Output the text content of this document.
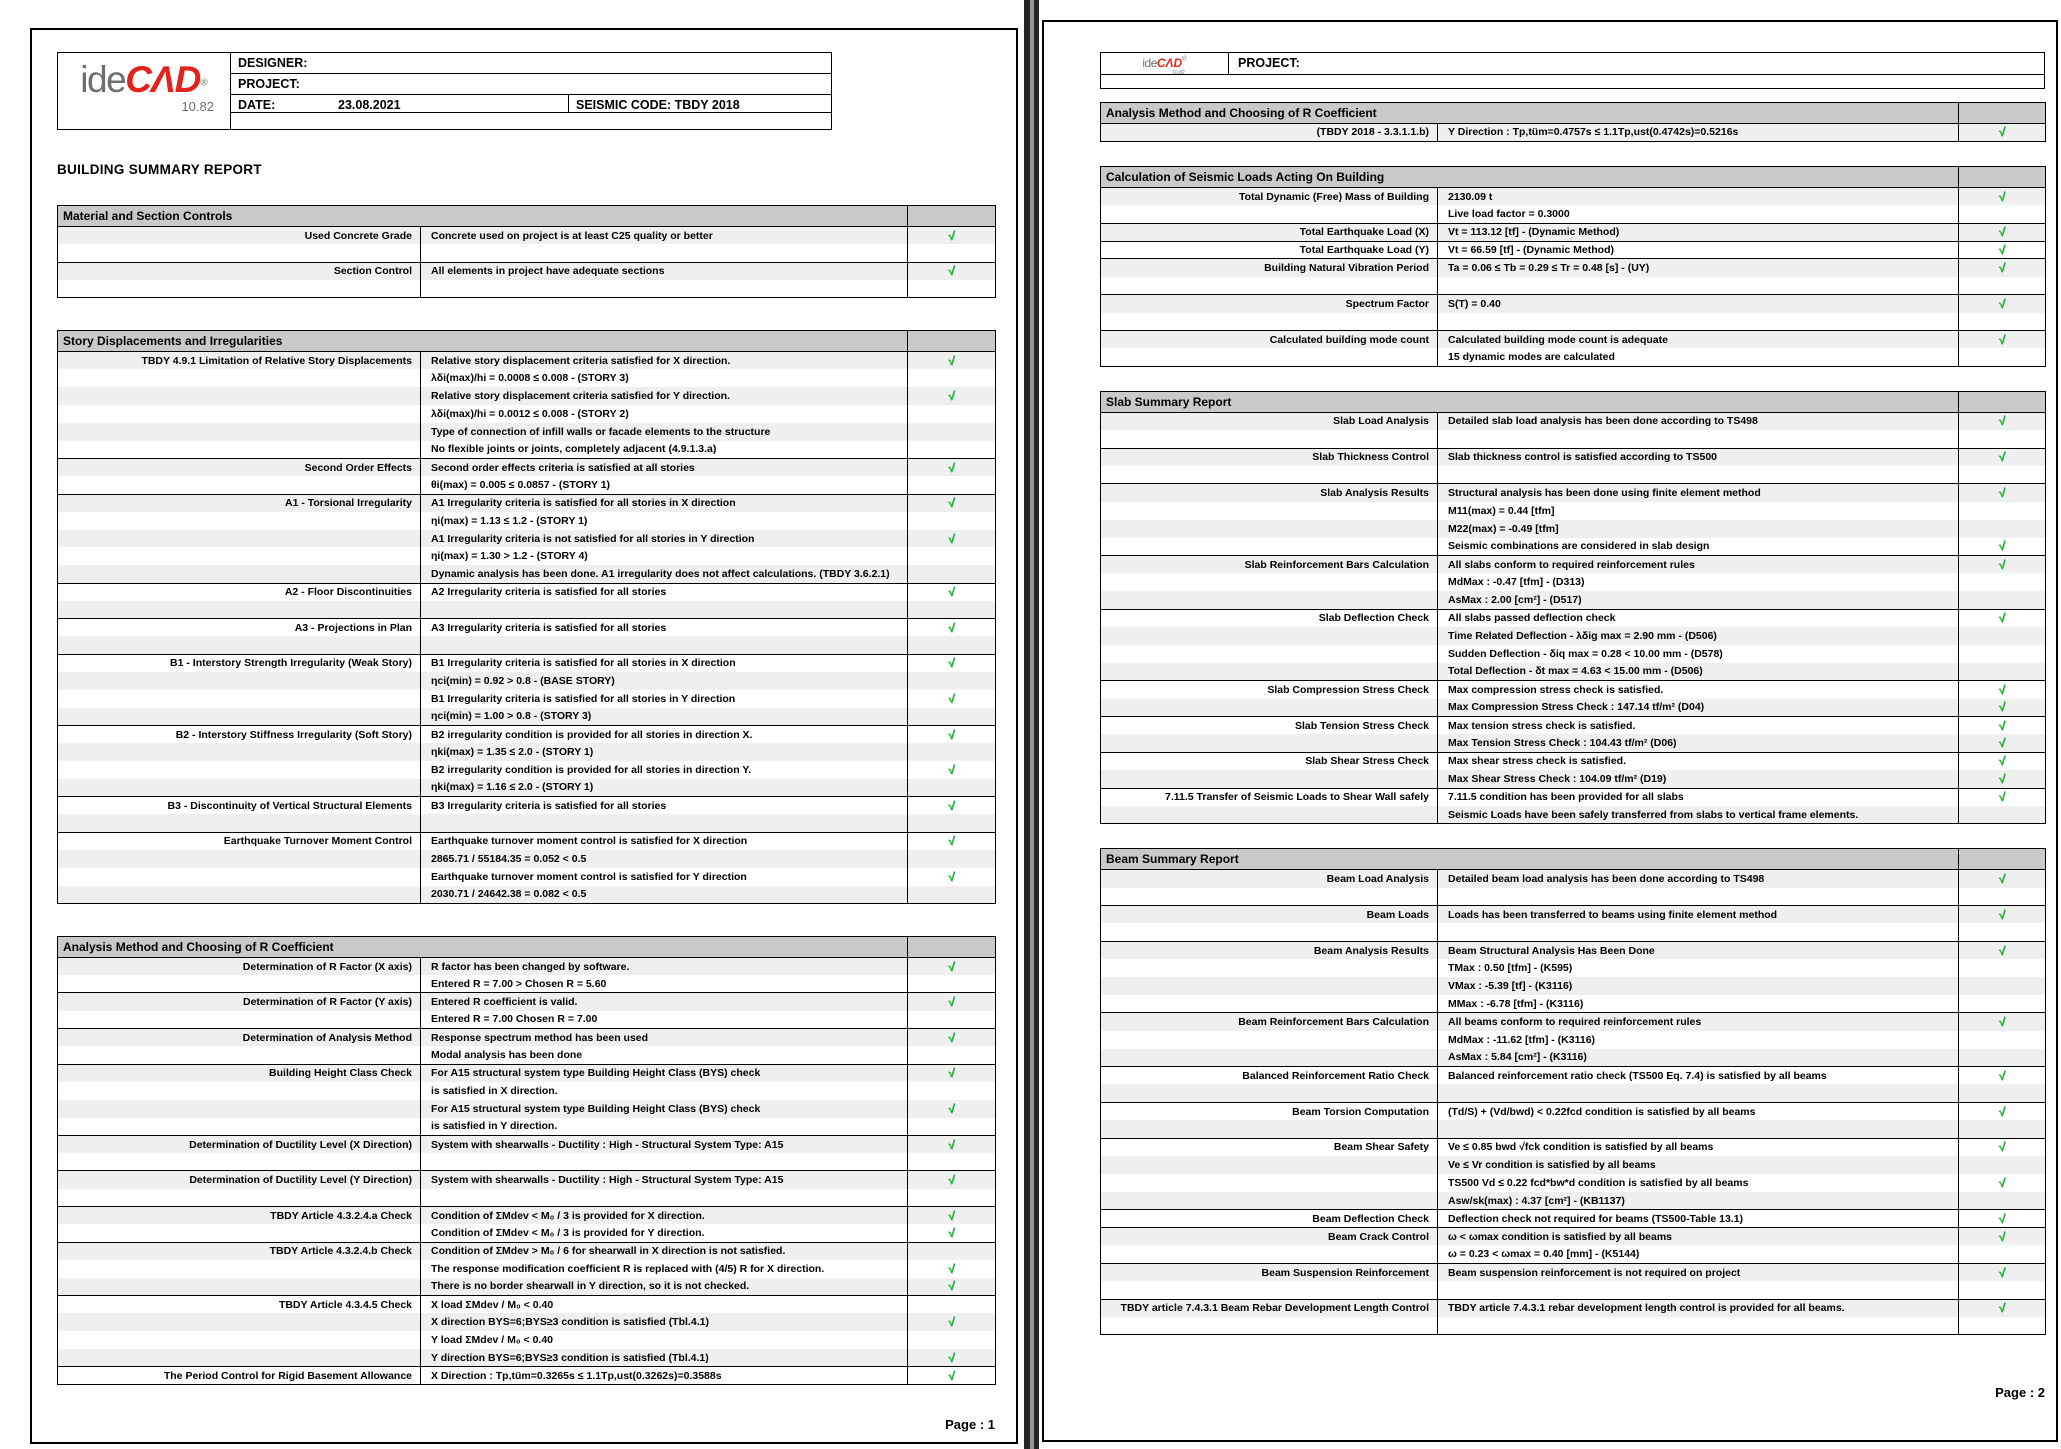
ideCΛD®
10.82
DESIGNER:
PROJECT:
DATE:	23.08.2021	SEISMIC CODE: TBDY 2018
BUILDING SUMMARY REPORT
Material and Section Controls		
Used Concrete Grade	Concrete used on project is at least C25 quality or better	√

Section Control	All elements in project have adequate sections	√

Story Displacements and Irregularities		
TBDY 4.9.1 Limitation of Relative Story Displacements	Relative story displacement criteria satisfied for X direction.	√
	λδi(max)/hi = 0.0008 ≤ 0.008 - (STORY 3)	
	Relative story displacement criteria satisfied for Y direction.	√
	λδi(max)/hi = 0.0012 ≤ 0.008 - (STORY 2)	
	Type of connection of infill walls or facade elements to the structure	
	No flexible joints or joints, completely adjacent (4.9.1.3.a)	
Second Order Effects	Second order effects criteria is satisfied at all stories	√
	θi(max) = 0.005 ≤ 0.0857 - (STORY 1)	
A1 - Torsional Irregularity	A1 Irregularity criteria is satisfied for all stories in X direction	√
	ηi(max) = 1.13 ≤ 1.2 - (STORY 1)	
	A1 Irregularity criteria is not satisfied for all stories in Y direction	√
	ηi(max) = 1.30 > 1.2 - (STORY 4)	
	Dynamic analysis has been done. A1 irregularity does not affect calculations. (TBDY 3.6.2.1)	
A2 - Floor Discontinuities	A2 Irregularity criteria is satisfied for all stories	√

A3 - Projections in Plan	A3 Irregularity criteria is satisfied for all stories	√

B1 - Interstory Strength Irregularity (Weak Story)	B1 Irregularity criteria is satisfied for all stories in X direction	√
	ηci(min) = 0.92 > 0.8 - (BASE STORY)	
	B1 Irregularity criteria is satisfied for all stories in Y direction	√
	ηci(min) = 1.00 > 0.8 - (STORY 3)	
B2 - Interstory Stiffness Irregularity (Soft Story)	B2 irregularity condition is provided for all stories in direction X.	√
	ηki(max) = 1.35 ≤ 2.0 - (STORY 1)	
	B2 irregularity condition is provided for all stories in direction Y.	√
	ηki(max) = 1.16 ≤ 2.0 - (STORY 1)	
B3 - Discontinuity of Vertical Structural Elements	B3 Irregularity criteria is satisfied for all stories	√

Earthquake Turnover Moment Control	Earthquake turnover moment control is satisfied for X direction	√
	2865.71 / 55184.35 = 0.052 < 0.5	
	Earthquake turnover moment control is satisfied for Y direction	√
	2030.71 / 24642.38 = 0.082 < 0.5	
Analysis Method and Choosing of R Coefficient		
Determination of R Factor (X axis)	R factor has been changed by software.	√
	Entered R = 7.00 > Chosen R = 5.60	
Determination of R Factor (Y axis)	Entered R coefficient is valid.	√
	Entered R = 7.00 Chosen R = 7.00	
Determination of Analysis Method	Response spectrum method has been used	√
	Modal analysis has been done	
Building Height Class Check	For A15 structural system type Building Height Class (BYS) check	√
	is satisfied in X direction.	
	For A15 structural system type Building Height Class (BYS) check	√
	is satisfied in Y direction.	
Determination of Ductility Level (X Direction)	System with shearwalls - Ductility : High - Structural System Type: A15	√

Determination of Ductility Level (Y Direction)	System with shearwalls - Ductility : High - Structural System Type: A15	√

TBDY Article 4.3.2.4.a Check	Condition of ΣMdev < M₀ / 3 is provided for X direction.	√
	Condition of ΣMdev < M₀ / 3 is provided for Y direction.	√
TBDY Article 4.3.2.4.b Check	Condition of ΣMdev > M₀ / 6 for shearwall in X direction is not satisfied.	
	The response modification coefficient R is replaced with (4/5) R for X direction.	√
	There is no border shearwall in Y direction, so it is not checked.	√
TBDY Article 4.3.4.5 Check	X load ΣMdev / M₀ < 0.40	
	X direction BYS=6;BYS≥3 condition is satisfied (Tbl.4.1)	√
	Y load ΣMdev / M₀ < 0.40	
	Y direction BYS=6;BYS≥3 condition is satisfied (Tbl.4.1)	√
The Period Control for Rigid Basement Allowance	X Direction : Tp,tüm=0.3265s ≤ 1.1Tp,ust(0.3262s)=0.3588s	√
Page : 1
ideCΛD®
10.82
PROJECT:
Analysis Method and Choosing of R Coefficient		
(TBDY 2018 - 3.3.1.1.b)	Y Direction : Tp,tüm=0.4757s ≤ 1.1Tp,ust(0.4742s)=0.5216s	√
Calculation of Seismic Loads Acting On Building		
Total Dynamic (Free) Mass of Building	2130.09 t	√
	Live load factor = 0.3000	
Total Earthquake Load (X)	Vt = 113.12 [tf] - (Dynamic Method)	√
Total Earthquake Load (Y)	Vt = 66.59 [tf] - (Dynamic Method)	√
Building Natural Vibration Period	Ta = 0.06 ≤ Tb = 0.29 ≤ Tr = 0.48 [s] - (UY)	√

Spectrum Factor	S(T) = 0.40	√

Calculated building mode count	Calculated building mode count is adequate	√
	15 dynamic modes are calculated	
Slab Summary Report		
Slab Load Analysis	Detailed slab load analysis has been done according to TS498	√

Slab Thickness Control	Slab thickness control is satisfied according to TS500	√

Slab Analysis Results	Structural analysis has been done using finite element method	√
	M11(max) = 0.44 [tfm]	
	M22(max) = -0.49 [tfm]	
	Seismic combinations are considered in slab design	√
Slab Reinforcement Bars Calculation	All slabs conform to required reinforcement rules	√
	MdMax : -0.47 [tfm] - (D313)	
	AsMax : 2.00 [cm²] - (D517)	
Slab Deflection Check	All slabs passed deflection check	√
	Time Related Deflection - λδig max = 2.90 mm - (D506)	
	Sudden Deflection - δiq max = 0.28 < 10.00 mm - (D578)	
	Total Deflection - δt max = 4.63 < 15.00 mm - (D506)	
Slab Compression Stress Check	Max compression stress check is satisfied.	√
	Max Compression Stress Check : 147.14 tf/m² (D04)	√
Slab Tension Stress Check	Max tension stress check is satisfied.	√
	Max Tension Stress Check : 104.43 tf/m² (D06)	√
Slab Shear Stress Check	Max shear stress check is satisfied.	√
	Max Shear Stress Check : 104.09 tf/m² (D19)	√
7.11.5 Transfer of Seismic Loads to Shear Wall safely	7.11.5 condition has been provided for all slabs	√
	Seismic Loads have been safely transferred from slabs to vertical frame elements.	
Beam Summary Report		
Beam Load Analysis	Detailed beam load analysis has been done according to TS498	√

Beam Loads	Loads has been transferred to beams using finite element method	√

Beam Analysis Results	Beam Structural Analysis Has Been Done	√
	TMax : 0.50 [tfm] - (K595)	
	VMax : -5.39 [tf] - (K3116)	
	MMax : -6.78 [tfm] - (K3116)	
Beam Reinforcement Bars Calculation	All beams conform to required reinforcement rules	√
	MdMax : -11.62 [tfm] - (K3116)	
	AsMax : 5.84 [cm²] - (K3116)	
Balanced Reinforcement Ratio Check	Balanced reinforcement ratio check (TS500 Eq. 7.4) is satisfied by all beams	√

Beam Torsion Computation	(Td/S) + (Vd/bwd) < 0.22fcd condition is satisfied by all beams	√

Beam Shear Safety	Ve ≤ 0.85 bwd √fck condition is satisfied by all beams	√
	Ve ≤ Vr condition is satisfied by all beams	
	TS500 Vd ≤ 0.22 fcd*bw*d condition is satisfied by all beams	√
	Asw/sk(max) : 4.37 [cm²] - (KB1137)	
Beam Deflection Check	Deflection check not required for beams (TS500-Table 13.1)	√
Beam Crack Control	ω < ωmax condition is satisfied by all beams	√
	ω = 0.23 < ωmax = 0.40 [mm] - (K5144)	
Beam Suspension Reinforcement	Beam suspension reinforcement is not required on project	√

TBDY article 7.4.3.1 Beam Rebar Development Length Control	TBDY article 7.4.3.1 rebar development length control is provided for all beams.	√

Page : 2
